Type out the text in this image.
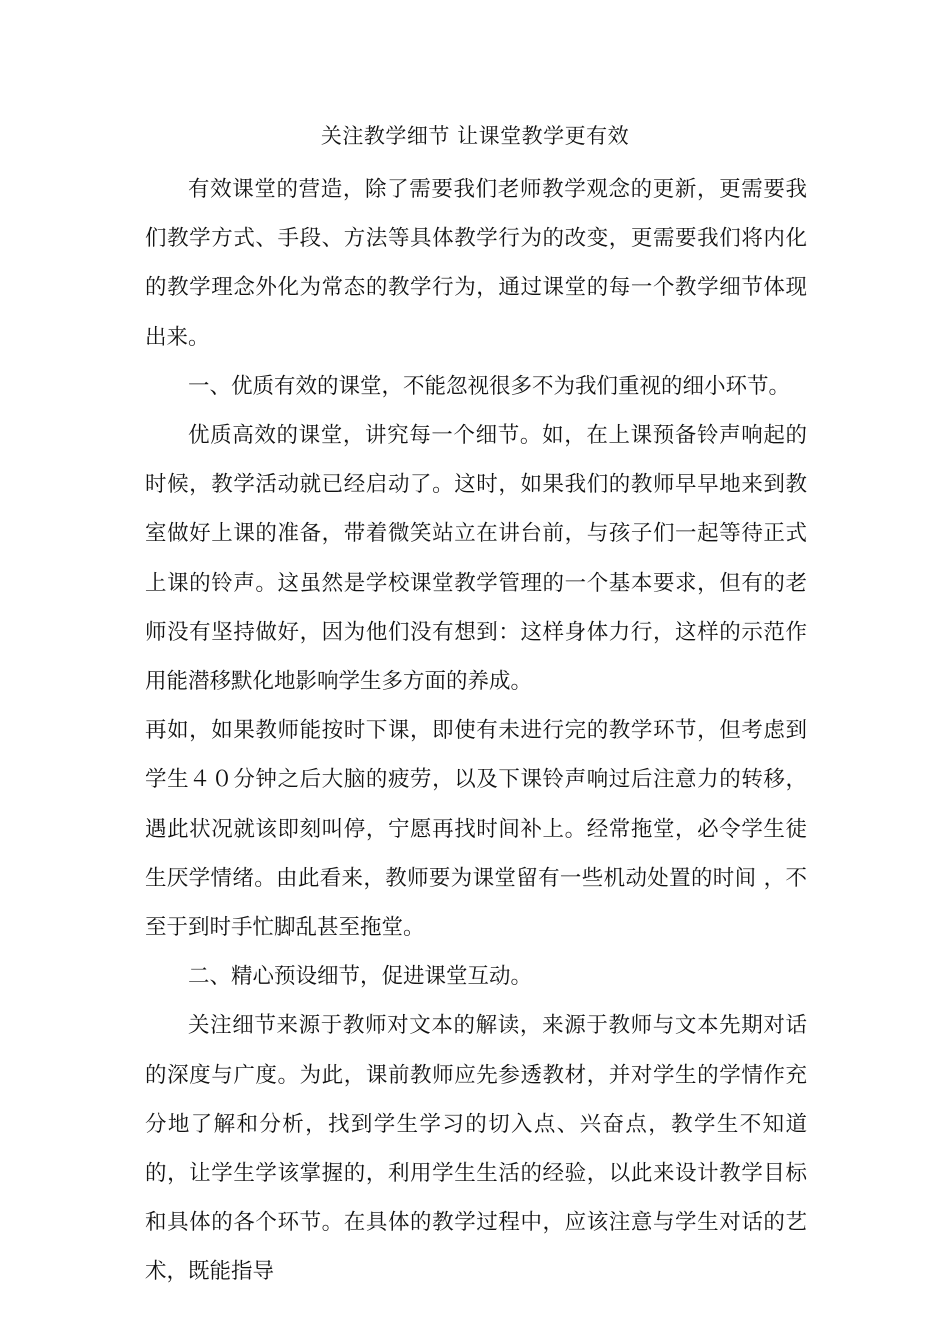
关注教学细节 让课堂教学更有效

有效课堂的营造，除了需要我们老师教学观念的更新，更需要我们教学方式、手段、方法等具体教学行为的改变，更需要我们将内化的教学理念外化为常态的教学行为，通过课堂的每一个教学细节体现出来。

一、优质有效的课堂，不能忽视很多不为我们重视的细小环节。

优质高效的课堂，讲究每一个细节。如，在上课预备铃声响起的时候，教学活动就已经启动了。这时，如果我们的教师早早地来到教室做好上课的准备，带着微笑站立在讲台前，与孩子们一起等待正式上课的铃声。这虽然是学校课堂教学管理的一个基本要求，但有的老师没有坚持做好，因为他们没有想到：这样身体力行，这样的示范作用能潜移默化地影响学生多方面的养成。

再如，如果教师能按时下课，即使有未进行完的教学环节，但考虑到学生４０分钟之后大脑的疲劳，以及下课铃声响过后注意力的转移，遇此状况就该即刻叫停，宁愿再找时间补上。经常拖堂，必令学生徒生厌学情绪。由此看来，教师要为课堂留有一些机动处置的时间 ，不至于到时手忙脚乱甚至拖堂。

二、精心预设细节，促进课堂互动。

关注细节来源于教师对文本的解读，来源于教师与文本先期对话的深度与广度。为此，课前教师应先参透教材，并对学生的学情作充分地了解和分析，找到学生学习的切入点、兴奋点，教学生不知道的，让学生学该掌握的，利用学生生活的经验，以此来设计教学目标和具体的各个环节。在具体的教学过程中，应该注意与学生对话的艺术，既能指导
